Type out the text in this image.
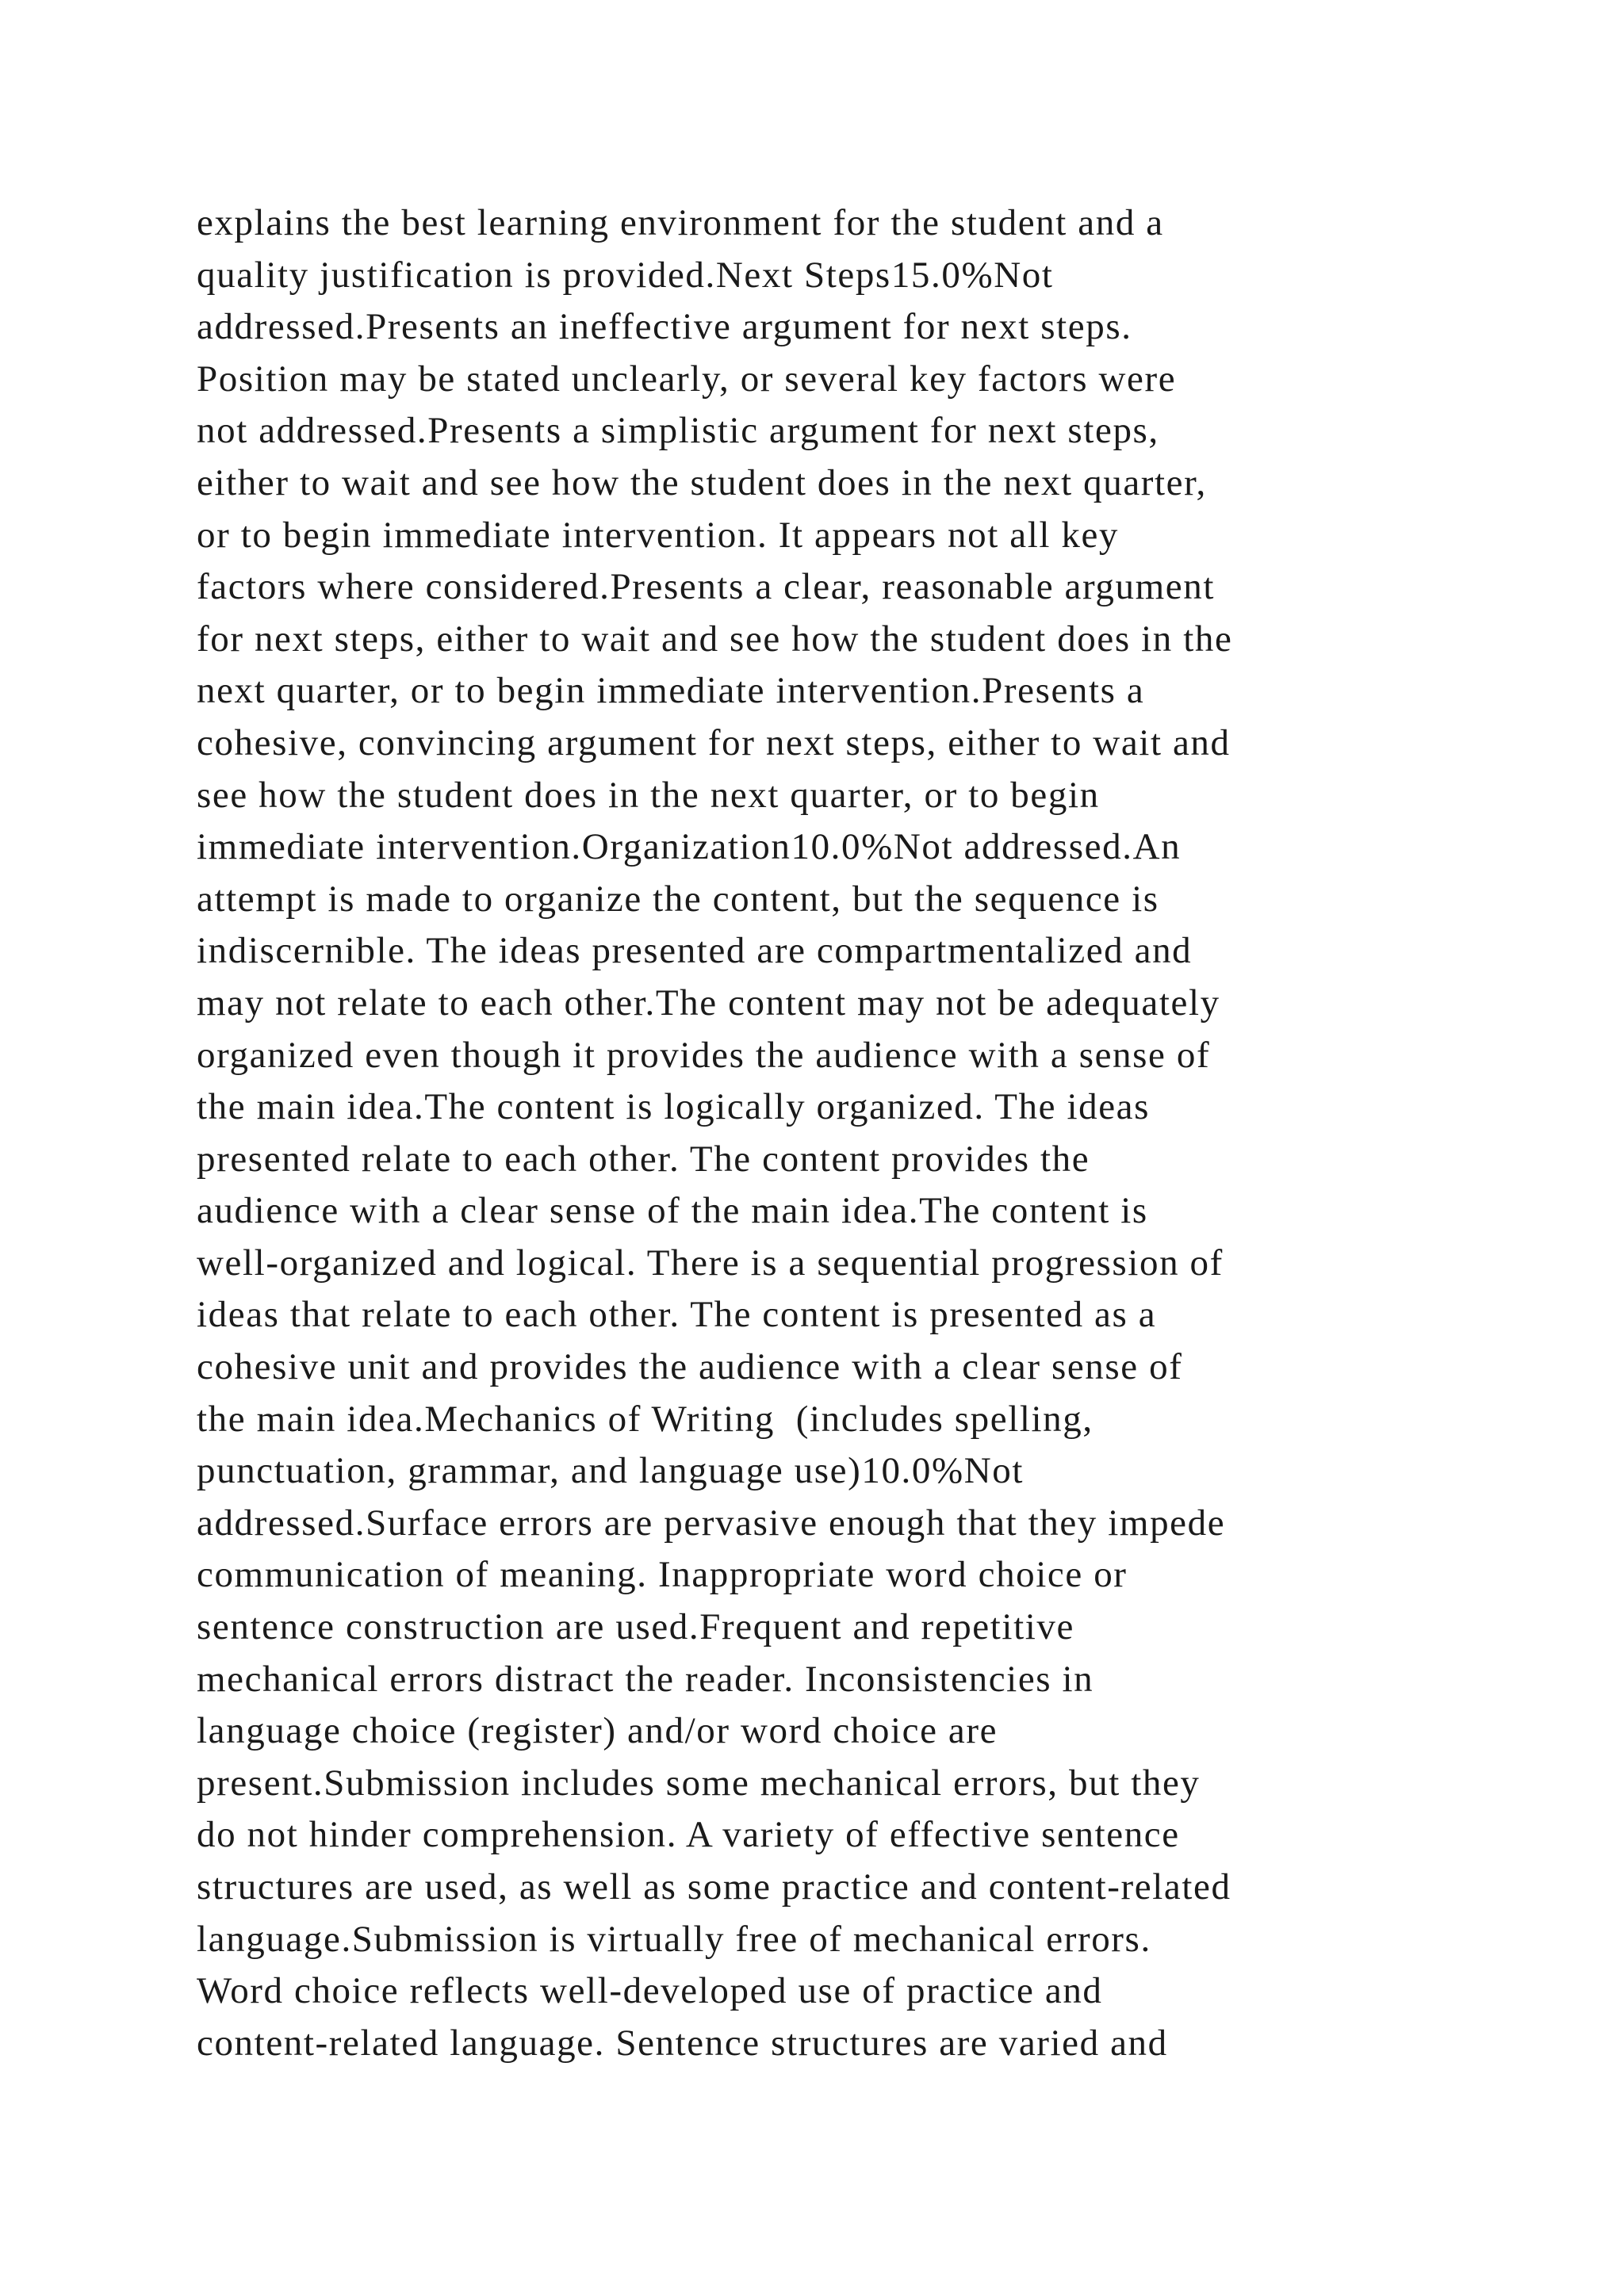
explains the best learning environment for the student and a
quality justification is provided.Next Steps15.0%Not
addressed.Presents an ineffective argument for next steps.
Position may be stated unclearly, or several key factors were
not addressed.Presents a simplistic argument for next steps,
either to wait and see how the student does in the next quarter,
or to begin immediate intervention. It appears not all key
factors where considered.Presents a clear, reasonable argument
for next steps, either to wait and see how the student does in the
next quarter, or to begin immediate intervention.Presents a
cohesive, convincing argument for next steps, either to wait and
see how the student does in the next quarter, or to begin
immediate intervention.Organization10.0%Not addressed.An
attempt is made to organize the content, but the sequence is
indiscernible. The ideas presented are compartmentalized and
may not relate to each other.The content may not be adequately
organized even though it provides the audience with a sense of
the main idea.The content is logically organized. The ideas
presented relate to each other. The content provides the
audience with a clear sense of the main idea.The content is
well-organized and logical. There is a sequential progression of
ideas that relate to each other. The content is presented as a
cohesive unit and provides the audience with a clear sense of
the main idea.Mechanics of Writing  (includes spelling,
punctuation, grammar, and language use)10.0%Not
addressed.Surface errors are pervasive enough that they impede
communication of meaning. Inappropriate word choice or
sentence construction are used.Frequent and repetitive
mechanical errors distract the reader. Inconsistencies in
language choice (register) and/or word choice are
present.Submission includes some mechanical errors, but they
do not hinder comprehension. A variety of effective sentence
structures are used, as well as some practice and content-related
language.Submission is virtually free of mechanical errors.
Word choice reflects well-developed use of practice and
content-related language. Sentence structures are varied and
